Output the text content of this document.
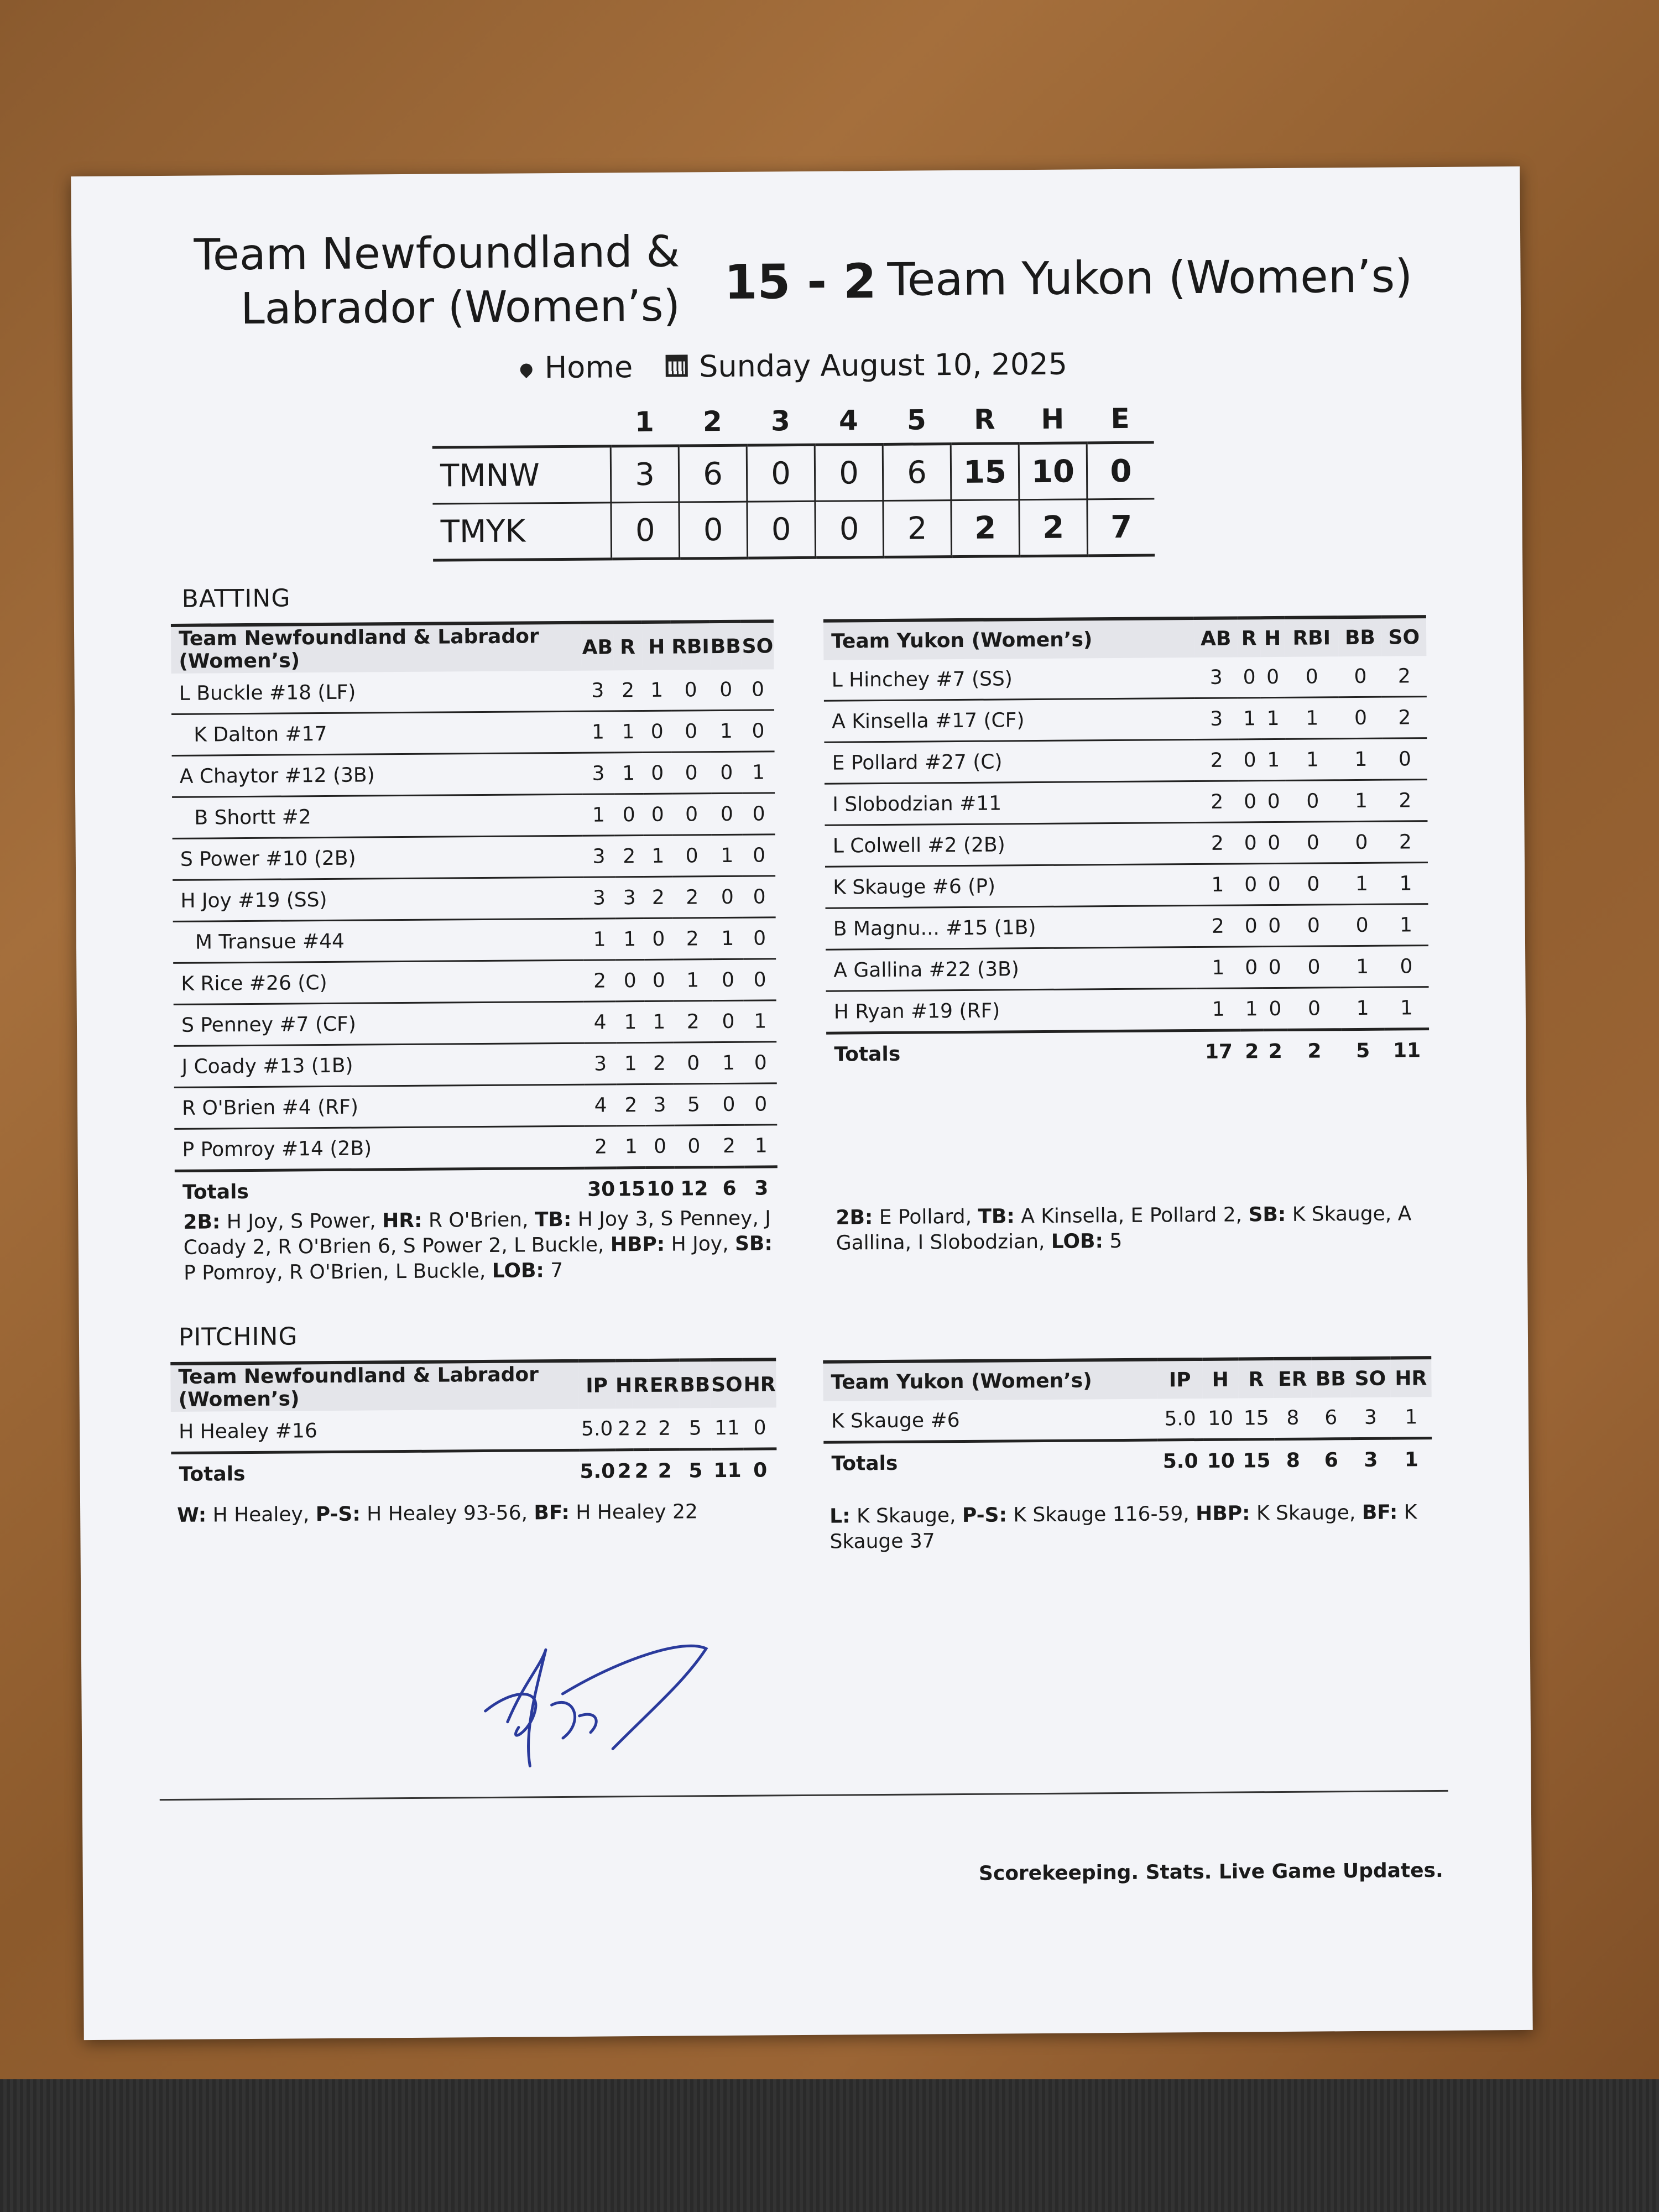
Team Newfoundland &
Labrador (Women’s) 15 - 2 Team Yukon (Women’s)
Home	Sunday August 10, 2025
	1	2	3	4	5	R	H	E
TMNW	3	6	0	0	6	15	10	0
TMYK	0	0	0	0	2	2	2	7
BATTING
Team Newfoundland & Labrador (Women’s)	AB	R	H	RBI	BB	SO
L Buckle #18 (LF)	3	2	1	0	0	0
K Dalton #17	1	1	0	0	1	0
A Chaytor #12 (3B)	3	1	0	0	0	1
B Shortt #2	1	0	0	0	0	0
S Power #10 (2B)	3	2	1	0	1	0
H Joy #19 (SS)	3	3	2	2	0	0
M Transue #44	1	1	0	2	1	0
K Rice #26 (C)	2	0	0	1	0	0
S Penney #7 (CF)	4	1	1	2	0	1
J Coady #13 (1B)	3	1	2	0	1	0
R O'Brien #4 (RF)	4	2	3	5	0	0
P Pomroy #14 (2B)	2	1	0	0	2	1
Totals	30	15	10	12	6	3
Team Yukon (Women’s)	AB	R	H	RBI	BB	SO
L Hinchey #7 (SS)	3	0	0	0	0	2
A Kinsella #17 (CF)	3	1	1	1	0	2
E Pollard #27 (C)	2	0	1	1	1	0
I Slobodzian #11	2	0	0	0	1	2
L Colwell #2 (2B)	2	0	0	0	0	2
K Skauge #6 (P)	1	0	0	0	1	1
B Magnu... #15 (1B)	2	0	0	0	0	1
A Gallina #22 (3B)	1	0	0	0	1	0
H Ryan #19 (RF)	1	1	0	0	1	1
Totals	17	2	2	2	5	11
2B: H Joy, S Power, HR: R O'Brien, TB: H Joy 3, S Penney, J Coady 2, R O'Brien 6, S Power 2, L Buckle, HBP: H Joy, SB: P Pomroy, R O'Brien, L Buckle, LOB: 7
2B: E Pollard, TB: A Kinsella, E Pollard 2, SB: K Skauge, A Gallina, I Slobodzian, LOB: 5
PITCHING
Team Newfoundland & Labrador (Women’s)	IP	H	R	ER	BB	SO	HR
H Healey #16	5.0	2	2	2	5	11	0
Totals	5.0	2	2	2	5	11	0
Team Yukon (Women’s)	IP	H	R	ER	BB	SO	HR
K Skauge #6	5.0	10	15	8	6	3	1
Totals	5.0	10	15	8	6	3	1
W: H Healey, P-S: H Healey 93-56, BF: H Healey 22	L: K Skauge, P-S: K Skauge 116-59, HBP: K Skauge, BF: K Skauge 37
Scorekeeping. Stats. Live Game Updates.
